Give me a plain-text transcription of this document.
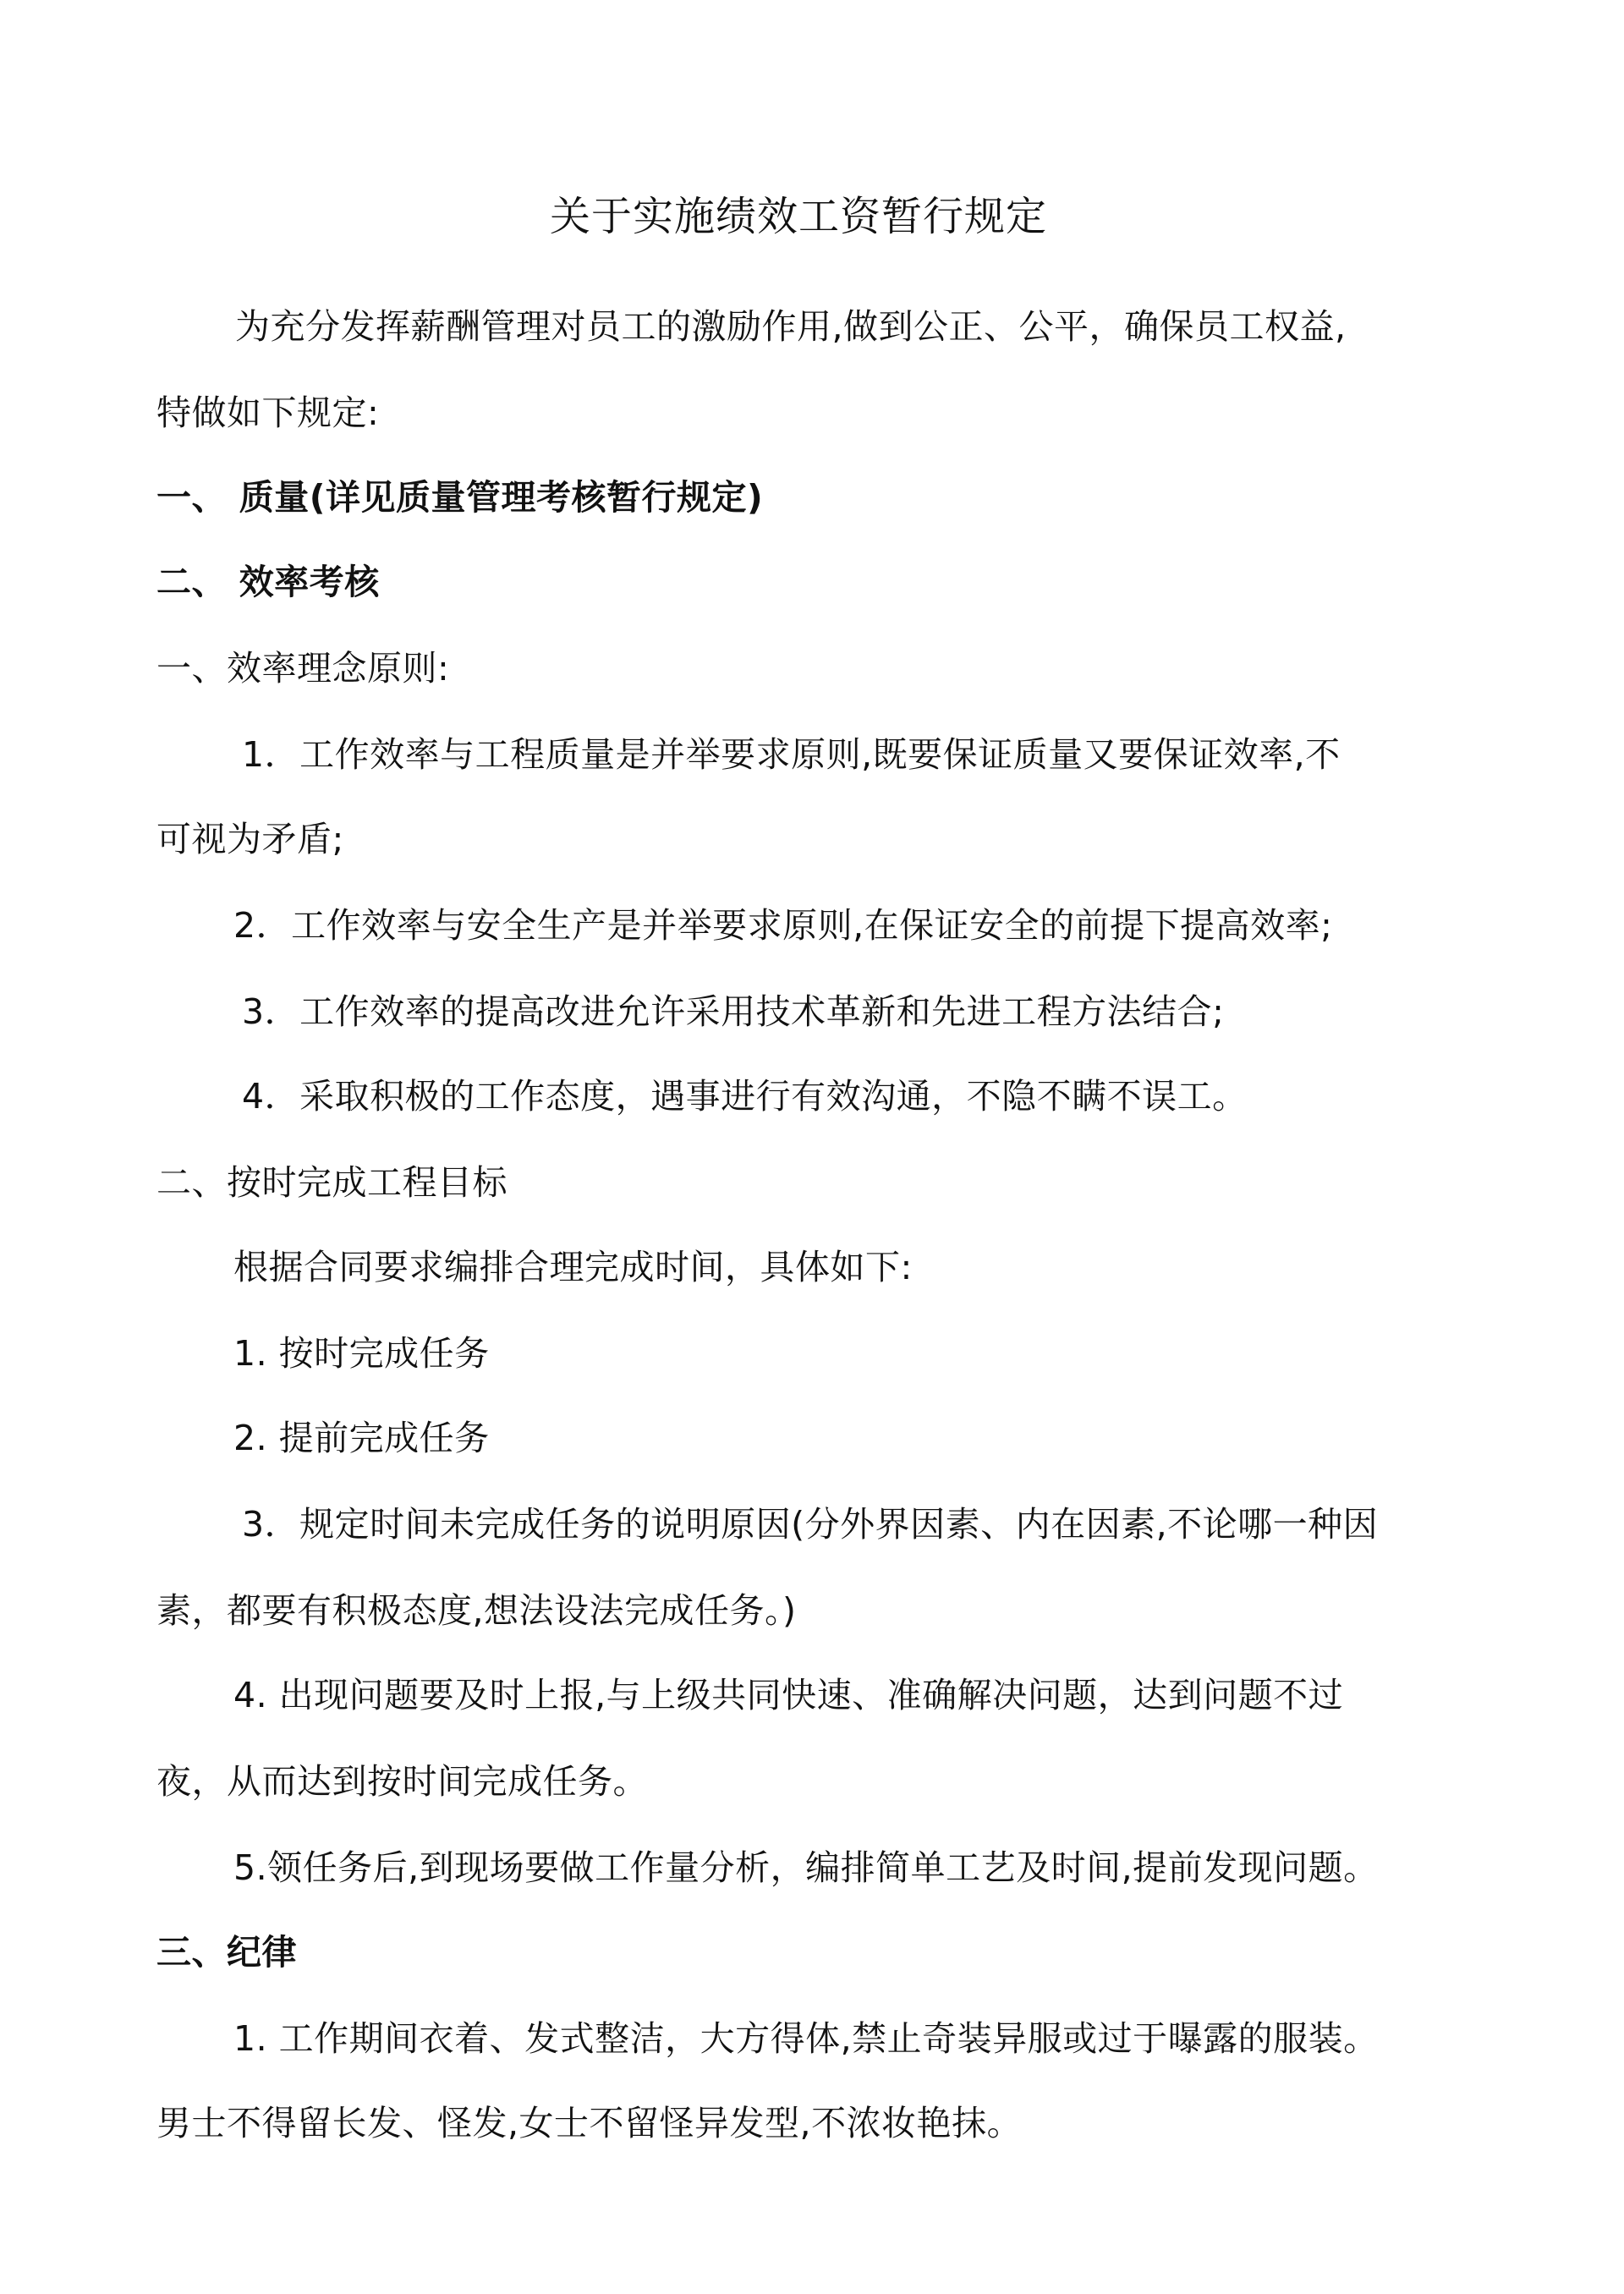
关于实施绩效工资暂行规定
为充分发挥薪酬管理对员工的激励作用,做到公正、公平，确保员工权益,
特做如下规定:
一、 质量(详见质量管理考核暂行规定)
二、 效率考核
一、效率理念原则:
1．工作效率与工程质量是并举要求原则,既要保证质量又要保证效率,不
可视为矛盾;
2．工作效率与安全生产是并举要求原则,在保证安全的前提下提高效率;
3．工作效率的提高改进允许采用技术革新和先进工程方法结合;
4．采取积极的工作态度，遇事进行有效沟通，不隐不瞒不误工。
二、按时完成工程目标
根据合同要求编排合理完成时间，具体如下:
1. 按时完成任务
2. 提前完成任务
3．规定时间未完成任务的说明原因(分外界因素、内在因素,不论哪一种因
素，都要有积极态度,想法设法完成任务。)
4. 出现问题要及时上报,与上级共同快速、准确解决问题，达到问题不过
夜，从而达到按时间完成任务。
5.领任务后,到现场要做工作量分析，编排简单工艺及时间,提前发现问题。
三、纪律
1. 工作期间衣着、发式整洁，大方得体,禁止奇装异服或过于曝露的服装。
男士不得留长发、怪发,女士不留怪异发型,不浓妆艳抹。
